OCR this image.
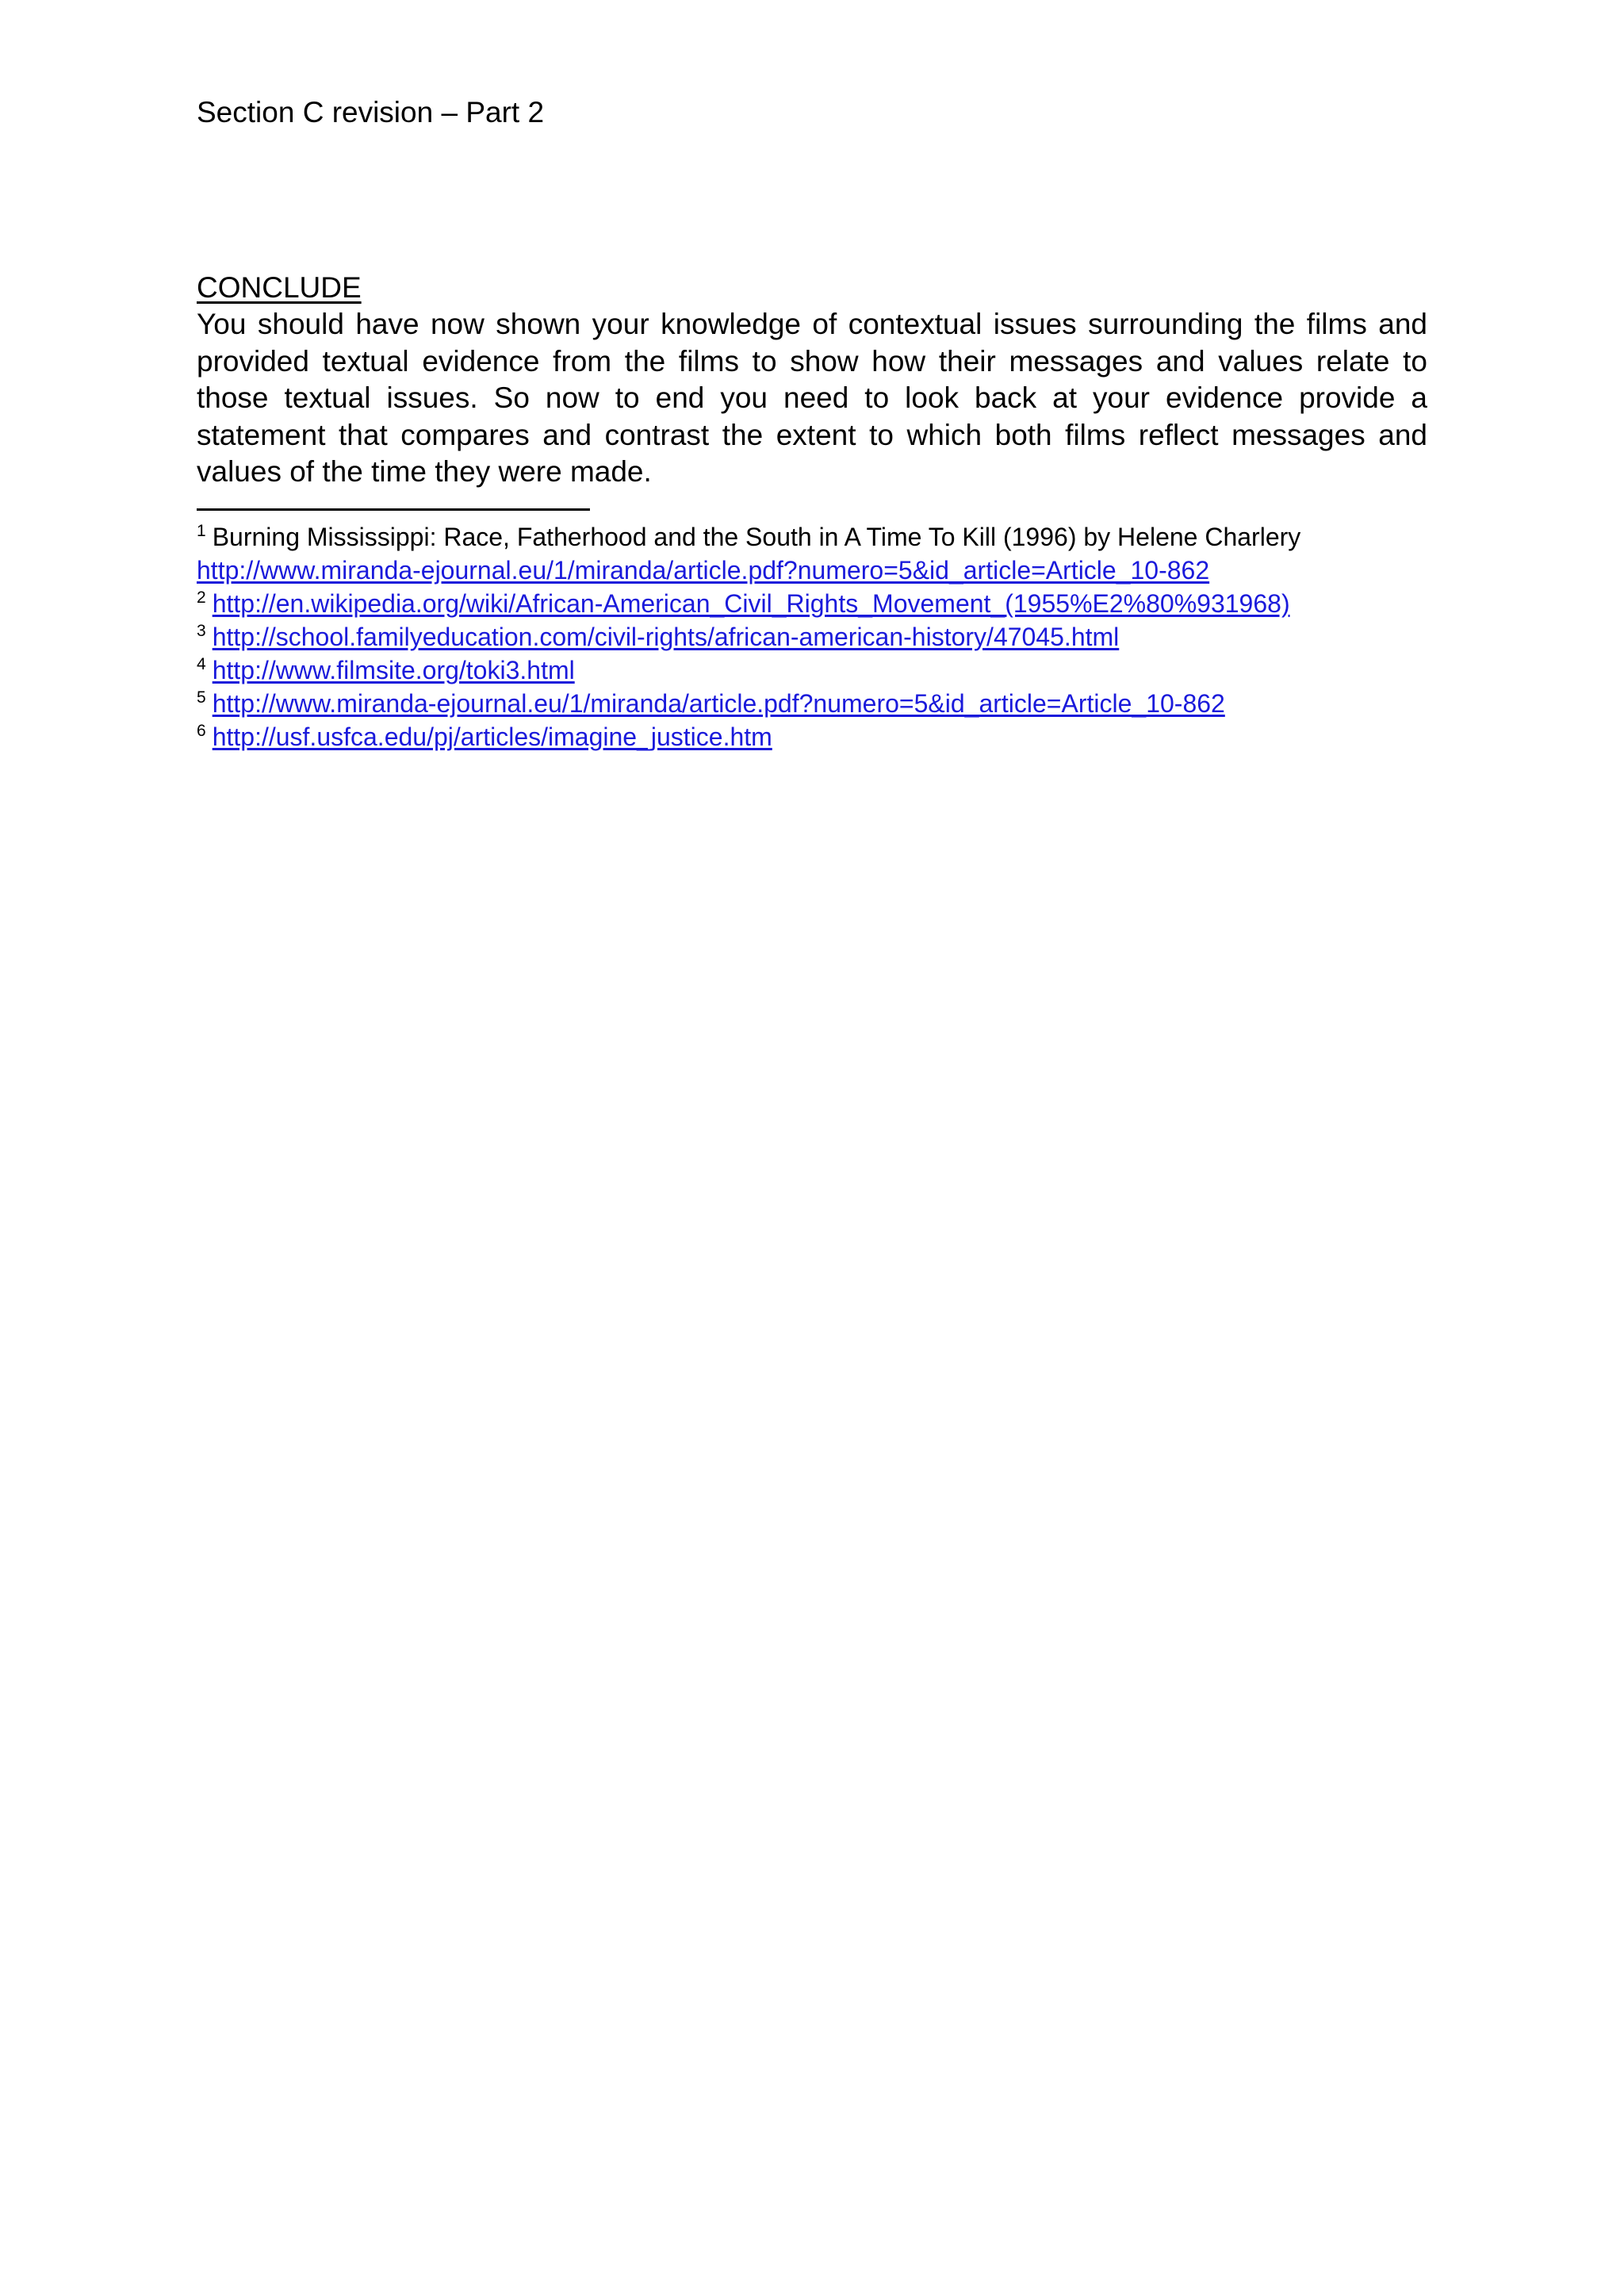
Section C revision – Part 2
CONCLUDE

You should have now shown your knowledge of contextual issues surrounding the films and provided textual evidence from the films to show how their messages and values relate to those textual issues. So now to end you need to look back at your evidence provide a statement that compares and contrast the extent to which both films reflect messages and values of the time they were made.

$^1$ Burning Mississippi: Race, Fatherhood and the South in A Time To Kill (1996) by Helene Charlery
http://www.miranda-ejournal.eu/1/miranda/article.pdf?numero=5&id_article=Article_10-862
$^2$ http://en.wikipedia.org/wiki/African-American_Civil_Rights_Movement_(1955%E2%80%931968)
$^3$ http://school.familyeducation.com/civil-rights/african-american-history/47045.html
$^4$ http://www.filmsite.org/toki3.html
$^5$ http://www.miranda-ejournal.eu/1/miranda/article.pdf?numero=5&id_article=Article_10-862
$^6$ http://usf.usfca.edu/pj/articles/imagine_justice.htm
